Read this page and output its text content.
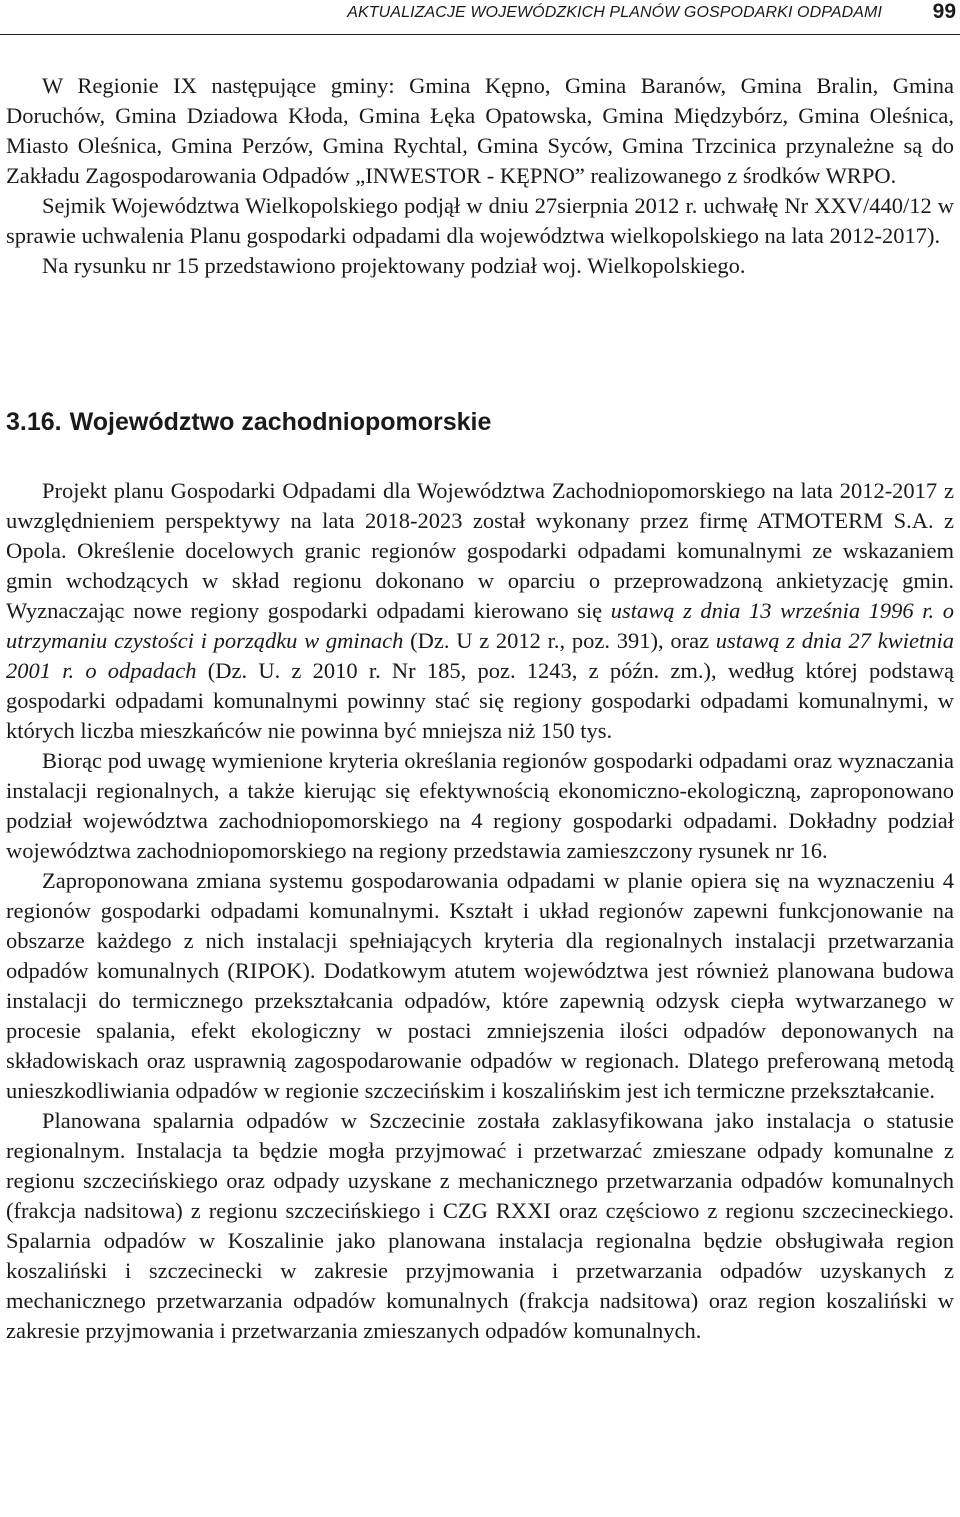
AKTUALIZACJE WOJEWÓDZKICH PLANÓW GOSPODARKI ODPADAMI 99

W Regionie IX następujące gminy: Gmina Kępno, Gmina Baranów, Gmina Bralin, Gmina Doruchów, Gmina Dziadowa Kłoda, Gmina Łęka Opatowska, Gmina Międzybórz, Gmina Oleśnica, Miasto Oleśnica, Gmina Perzów, Gmina Rychtal, Gmina Syców, Gmina Trzcinica przynależne są do Zakładu Zagospodarowania Odpadów „INWESTOR - KĘPNO” realizowanego z środków WRPO.

Sejmik Województwa Wielkopolskiego podjął w dniu 27sierpnia 2012 r. uchwałę Nr XXV/440/12 w sprawie uchwalenia Planu gospodarki odpadami dla województwa wielkopolskiego na lata 2012-2017).

Na rysunku nr 15 przedstawiono projektowany podział woj. Wielkopolskiego.

3.16. Województwo zachodniopomorskie

Projekt planu Gospodarki Odpadami dla Województwa Zachodniopomorskiego na lata 2012-2017 z uwzględnieniem perspektywy na lata 2018-2023 został wykonany przez firmę ATMOTERM S.A. z Opola. Określenie docelowych granic regionów gospodarki odpadami komunalnymi ze wskazaniem gmin wchodzących w skład regionu dokonano w oparciu o przeprowadzoną ankietyzację gmin. Wyznaczając nowe regiony gospodarki odpadami kierowano się ustawą z dnia 13 września 1996 r. o utrzymaniu czystości i porządku w gminach (Dz. U z 2012 r., poz. 391), oraz ustawą z dnia 27 kwietnia 2001 r. o odpadach (Dz. U. z 2010 r. Nr 185, poz. 1243, z późn. zm.), według której podstawą gospodarki odpadami komunalnymi powinny stać się regiony gospodarki odpadami komunalnymi, w których liczba mieszkańców nie powinna być mniejsza niż 150 tys.

Biorąc pod uwagę wymienione kryteria określania regionów gospodarki odpadami oraz wyznaczania instalacji regionalnych, a także kierując się efektywnością ekonomiczno-ekologiczną, zaproponowano podział województwa zachodniopomorskiego na 4 regiony gospodarki odpadami. Dokładny podział województwa zachodniopomorskiego na regiony przedstawia zamieszczony rysunek nr 16.

Zaproponowana zmiana systemu gospodarowania odpadami w planie opiera się na wyznaczeniu 4 regionów gospodarki odpadami komunalnymi. Kształt i układ regionów zapewni funkcjonowanie na obszarze każdego z nich instalacji spełniających kryteria dla regionalnych instalacji przetwarzania odpadów komunalnych (RIPOK). Dodatkowym atutem województwa jest również planowana budowa instalacji do termicznego przekształcania odpadów, które zapewnią odzysk ciepła wytwarzanego w procesie spalania, efekt ekologiczny w postaci zmniejszenia ilości odpadów deponowanych na składowiskach oraz usprawnią zagospodarowanie odpadów w regionach. Dlatego preferowaną metodą unieszkodliwiania odpadów w regionie szczecińskim i koszalińskim jest ich termiczne przekształcanie.

Planowana spalarnia odpadów w Szczecinie została zaklasyfikowana jako instalacja o statusie regionalnym. Instalacja ta będzie mogła przyjmować i przetwarzać zmieszane odpady komunalne z regionu szczecińskiego oraz odpady uzyskane z mechanicznego przetwarzania odpadów komunalnych (frakcja nadsitowa) z regionu szczecińskiego i CZG RXXI oraz częściowo z regionu szczecineckiego. Spalarnia odpadów w Koszalinie jako planowana instalacja regionalna będzie obsługiwała region koszaliński i szczecinecki w zakresie przyjmowania i przetwarzania odpadów uzyskanych z mechanicznego przetwarzania odpadów komunalnych (frakcja nadsitowa) oraz region koszaliński w zakresie przyjmowania i przetwarzania zmieszanych odpadów komunalnych.
